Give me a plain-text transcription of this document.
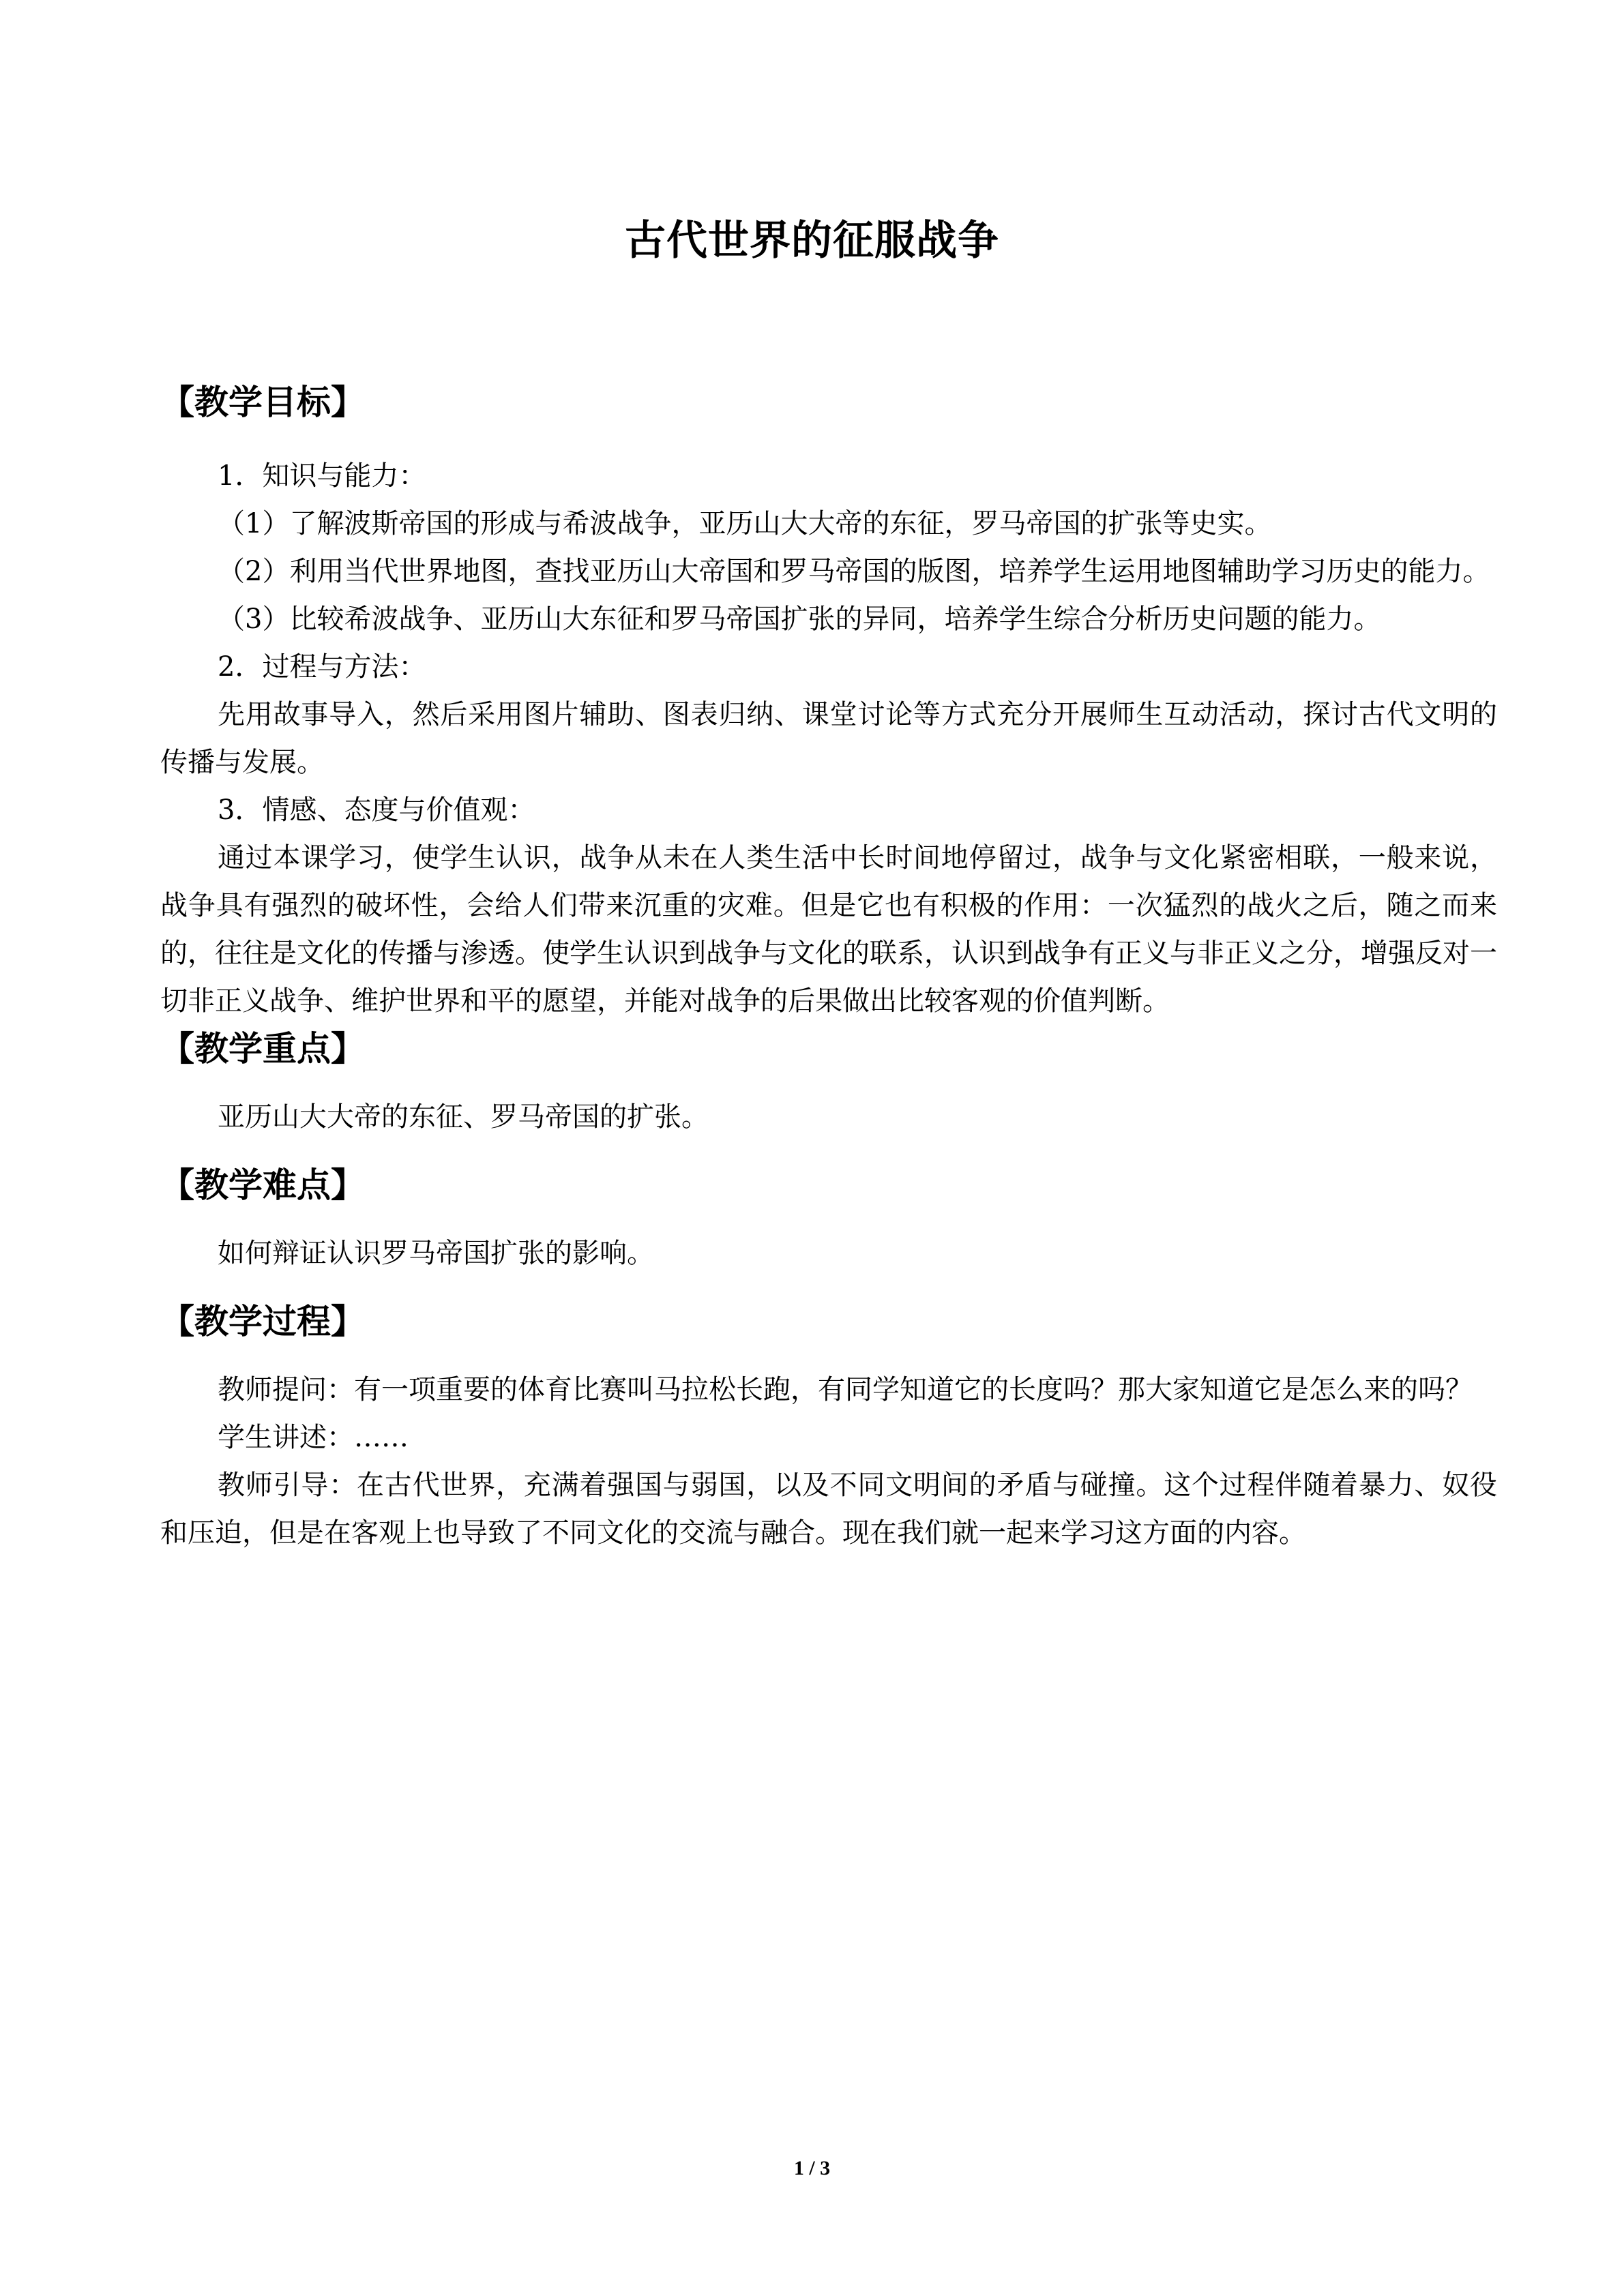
古代世界的征服战争
【教学目标】

1．知识与能力：

（1）了解波斯帝国的形成与希波战争，亚历山大大帝的东征，罗马帝国的扩张等史实。

（2）利用当代世界地图，查找亚历山大帝国和罗马帝国的版图，培养学生运用地图辅助学习历史的能力。

（3）比较希波战争、亚历山大东征和罗马帝国扩张的异同，培养学生综合分析历史问题的能力。

2．过程与方法：

先用故事导入，然后采用图片辅助、图表归纳、课堂讨论等方式充分开展师生互动活动，探讨古代文明的传播与发展。

3．情感、态度与价值观：

通过本课学习，使学生认识，战争从未在人类生活中长时间地停留过，战争与文化紧密相联，一般来说，战争具有强烈的破坏性，会给人们带来沉重的灾难。但是它也有积极的作用：一次猛烈的战火之后，随之而来的，往往是文化的传播与渗透。使学生认识到战争与文化的联系，认识到战争有正义与非正义之分，增强反对一切非正义战争、维护世界和平的愿望，并能对战争的后果做出比较客观的价值判断。

【教学重点】

亚历山大大帝的东征、罗马帝国的扩张。

【教学难点】

如何辩证认识罗马帝国扩张的影响。

【教学过程】

教师提问：有一项重要的体育比赛叫马拉松长跑，有同学知道它的长度吗？那大家知道它是怎么来的吗？

学生讲述：……

教师引导：在古代世界，充满着强国与弱国，以及不同文明间的矛盾与碰撞。这个过程伴随着暴力、奴役和压迫，但是在客观上也导致了不同文化的交流与融合。现在我们就一起来学习这方面的内容。

1 / 3
